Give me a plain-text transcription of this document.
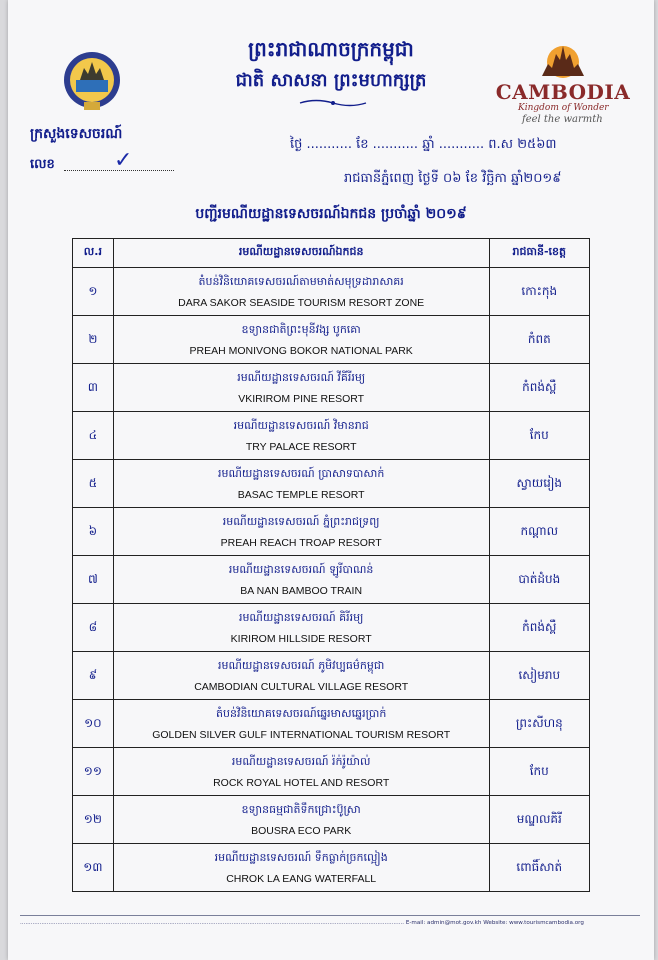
ព្រះរាជាណាចក្រកម្ពុជា
ជាតិ សាសនា ព្រះមហាក្សត្រ	CAMBODIA
Kingdom of Wonder
feel the warmth
ក្រសួងទេសចរណ៍
លេខ	✓
ថ្ងៃ ........... ខែ ........... ឆ្នាំ ........... ព.ស ២៥៦៣
រាជធានីភ្នំពេញ ថ្ងៃទី ០៦ ខែ វិច្ឆិកា ឆ្នាំ២០១៩
បញ្ជីរមណីយដ្ឋានទេសចរណ៍ឯកជន ប្រចាំឆ្នាំ ២០១៩
ល.រ	រមណីយដ្ឋានទេសចរណ៍ឯកជន	រាជធានី-ខេត្ត
១	តំបន់វិនិយោគទេសចរណ៍តាមមាត់សមុទ្រដារាសាគរ
DARA SAKOR SEASIDE TOURISM RESORT ZONE	កោះកុង
២	ឧទ្យានជាតិព្រះមុនីវង្ស បូកគោ
PREAH MONIVONG BOKOR NATIONAL PARK	កំពត
៣	រមណីយដ្ឋានទេសចរណ៍ វីគីរីរម្យ
VKIRIROM PINE RESORT	កំពង់ស្ពឺ
៤	រមណីយដ្ឋានទេសចរណ៍ វិមានរាជ
TRY PALACE RESORT	កែប
៥	រមណីយដ្ឋានទេសចរណ៍ ប្រាសាទបាសាក់
BASAC TEMPLE RESORT	ស្វាយរៀង
៦	រមណីយដ្ឋានទេសចរណ៍ ភ្នំព្រះរាជទ្រព្យ
PREAH REACH TROAP RESORT	កណ្ដាល
៧	រមណីយដ្ឋានទេសចរណ៍ ឡូរីបាណន់
BA NAN BAMBOO TRAIN	បាត់ដំបង
៨	រមណីយដ្ឋានទេសចរណ៍ គិរីរម្យ
KIRIROM HILLSIDE RESORT	កំពង់ស្ពឺ
៩	រមណីយដ្ឋានទេសចរណ៍ ភូមិវប្បធម៌កម្ពុជា
CAMBODIAN CULTURAL VILLAGE RESORT	សៀមរាប
១០	តំបន់វិនិយោគទេសចរណ៍ឆ្នេរមាសឆ្នេរប្រាក់
GOLDEN SILVER GULF INTERNATIONAL TOURISM RESORT	ព្រះសីហនុ
១១	រមណីយដ្ឋានទេសចរណ៍ រ៉ក់រ៉ូយ៉ាល់
ROCK ROYAL HOTEL AND RESORT	កែប
១២	ឧទ្យានធម្មជាតិទឹកជ្រោះប៊ូស្រា
BOUSRA ECO PARK	មណ្ឌលគិរី
១៣	រមណីយដ្ឋានទេសចរណ៍ ទឹកធ្លាក់ច្រកល្អៀង
CHROK LA EANG WATERFALL	ពោធិ៍សាត់
........................................................................................................................................................................................................................ E-mail: admin@mot.gov.kh Website: www.tourismcambodia.org
